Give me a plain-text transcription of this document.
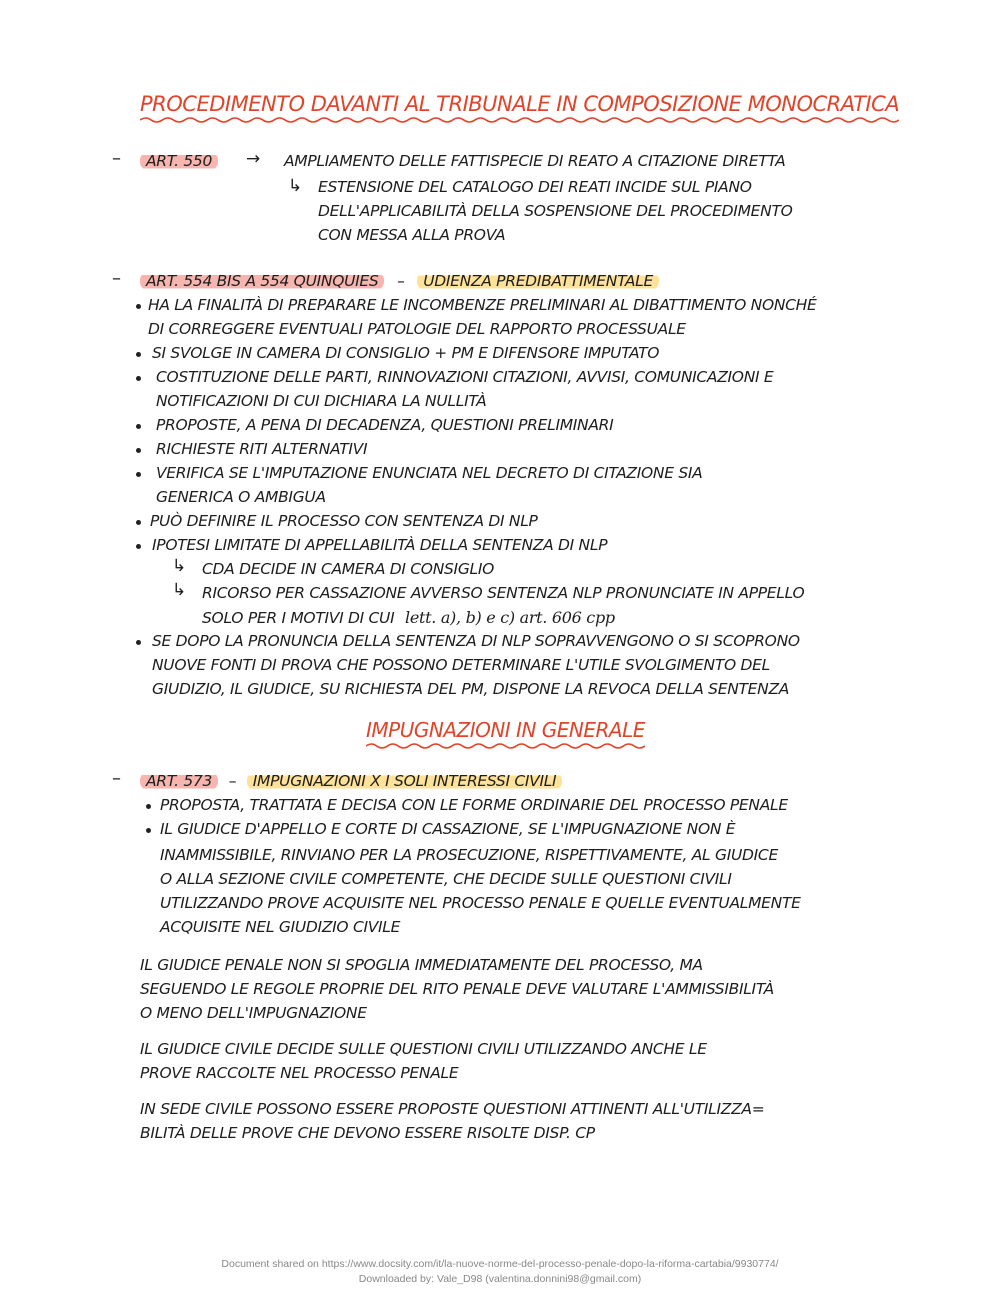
PROCEDIMENTO DAVANTI AL TRIBUNALE IN COMPOSIZIONE MONOCRATICA
–	ART. 550	→ AMPLIAMENTO DELLE FATTISPECIE DI REATO A CITAZIONE DIRETTA
↳ ESTENSIONE DEL CATALOGO DEI REATI INCIDE SUL PIANO
DELL'APPLICABILITÀ DELLA SOSPENSIONE DEL PROCEDIMENTO
CON MESSA ALLA PROVA
–	ART. 554 BIS A 554 QUINQUIES – UDIENZA PREDIBATTIMENTALE
HA LA FINALITÀ DI PREPARARE LE INCOMBENZE PRELIMINARI AL DIBATTIMENTO NONCHÉ
DI CORREGGERE EVENTUALI PATOLOGIE DEL RAPPORTO PROCESSUALE
SI SVOLGE IN CAMERA DI CONSIGLIO + PM E DIFENSORE IMPUTATO
COSTITUZIONE DELLE PARTI, RINNOVAZIONI CITAZIONI, AVVISI, COMUNICAZIONI E
NOTIFICAZIONI DI CUI DICHIARA LA NULLITÀ
PROPOSTE, A PENA DI DECADENZA, QUESTIONI PRELIMINARI
RICHIESTE RITI ALTERNATIVI
VERIFICA SE L'IMPUTAZIONE ENUNCIATA NEL DECRETO DI CITAZIONE SIA
GENERICA O AMBIGUA
PUÒ DEFINIRE IL PROCESSO CON SENTENZA DI NLP
IPOTESI LIMITATE DI APPELLABILITÀ DELLA SENTENZA DI NLP
↳ CDA DECIDE IN CAMERA DI CONSIGLIO
↳ RICORSO PER CASSAZIONE AVVERSO SENTENZA NLP PRONUNCIATE IN APPELLO
SOLO PER I MOTIVI DI CUI lett. a), b) e c) art. 606 cpp
SE DOPO LA PRONUNCIA DELLA SENTENZA DI NLP SOPRAVVENGONO O SI SCOPRONO
NUOVE FONTI DI PROVA CHE POSSONO DETERMINARE L'UTILE SVOLGIMENTO DEL
GIUDIZIO, IL GIUDICE, SU RICHIESTA DEL PM, DISPONE LA REVOCA DELLA SENTENZA
IMPUGNAZIONI IN GENERALE
–	ART. 573 – IMPUGNAZIONI X I SOLI INTERESSI CIVILI
PROPOSTA, TRATTATA E DECISA CON LE FORME ORDINARIE DEL PROCESSO PENALE
IL GIUDICE D'APPELLO E CORTE DI CASSAZIONE, SE L'IMPUGNAZIONE NON È
INAMMISSIBILE, RINVIANO PER LA PROSECUZIONE, RISPETTIVAMENTE, AL GIUDICE
O ALLA SEZIONE CIVILE COMPETENTE, CHE DECIDE SULLE QUESTIONI CIVILI
UTILIZZANDO PROVE ACQUISITE NEL PROCESSO PENALE E QUELLE EVENTUALMENTE
ACQUISITE NEL GIUDIZIO CIVILE
IL GIUDICE PENALE NON SI SPOGLIA IMMEDIATAMENTE DEL PROCESSO, MA
SEGUENDO LE REGOLE PROPRIE DEL RITO PENALE DEVE VALUTARE L'AMMISSIBILITÀ
O MENO DELL'IMPUGNAZIONE
IL GIUDICE CIVILE DECIDE SULLE QUESTIONI CIVILI UTILIZZANDO ANCHE LE
PROVE RACCOLTE NEL PROCESSO PENALE
IN SEDE CIVILE POSSONO ESSERE PROPOSTE QUESTIONI ATTINENTI ALL'UTILIZZA=
BILITÀ DELLE PROVE CHE DEVONO ESSERE RISOLTE DISP. CP
Document shared on https://www.docsity.com/it/la-nuove-norme-del-processo-penale-dopo-la-riforma-cartabia/9930774/
Downloaded by: Vale_D98 (valentina.donnini98@gmail.com)
